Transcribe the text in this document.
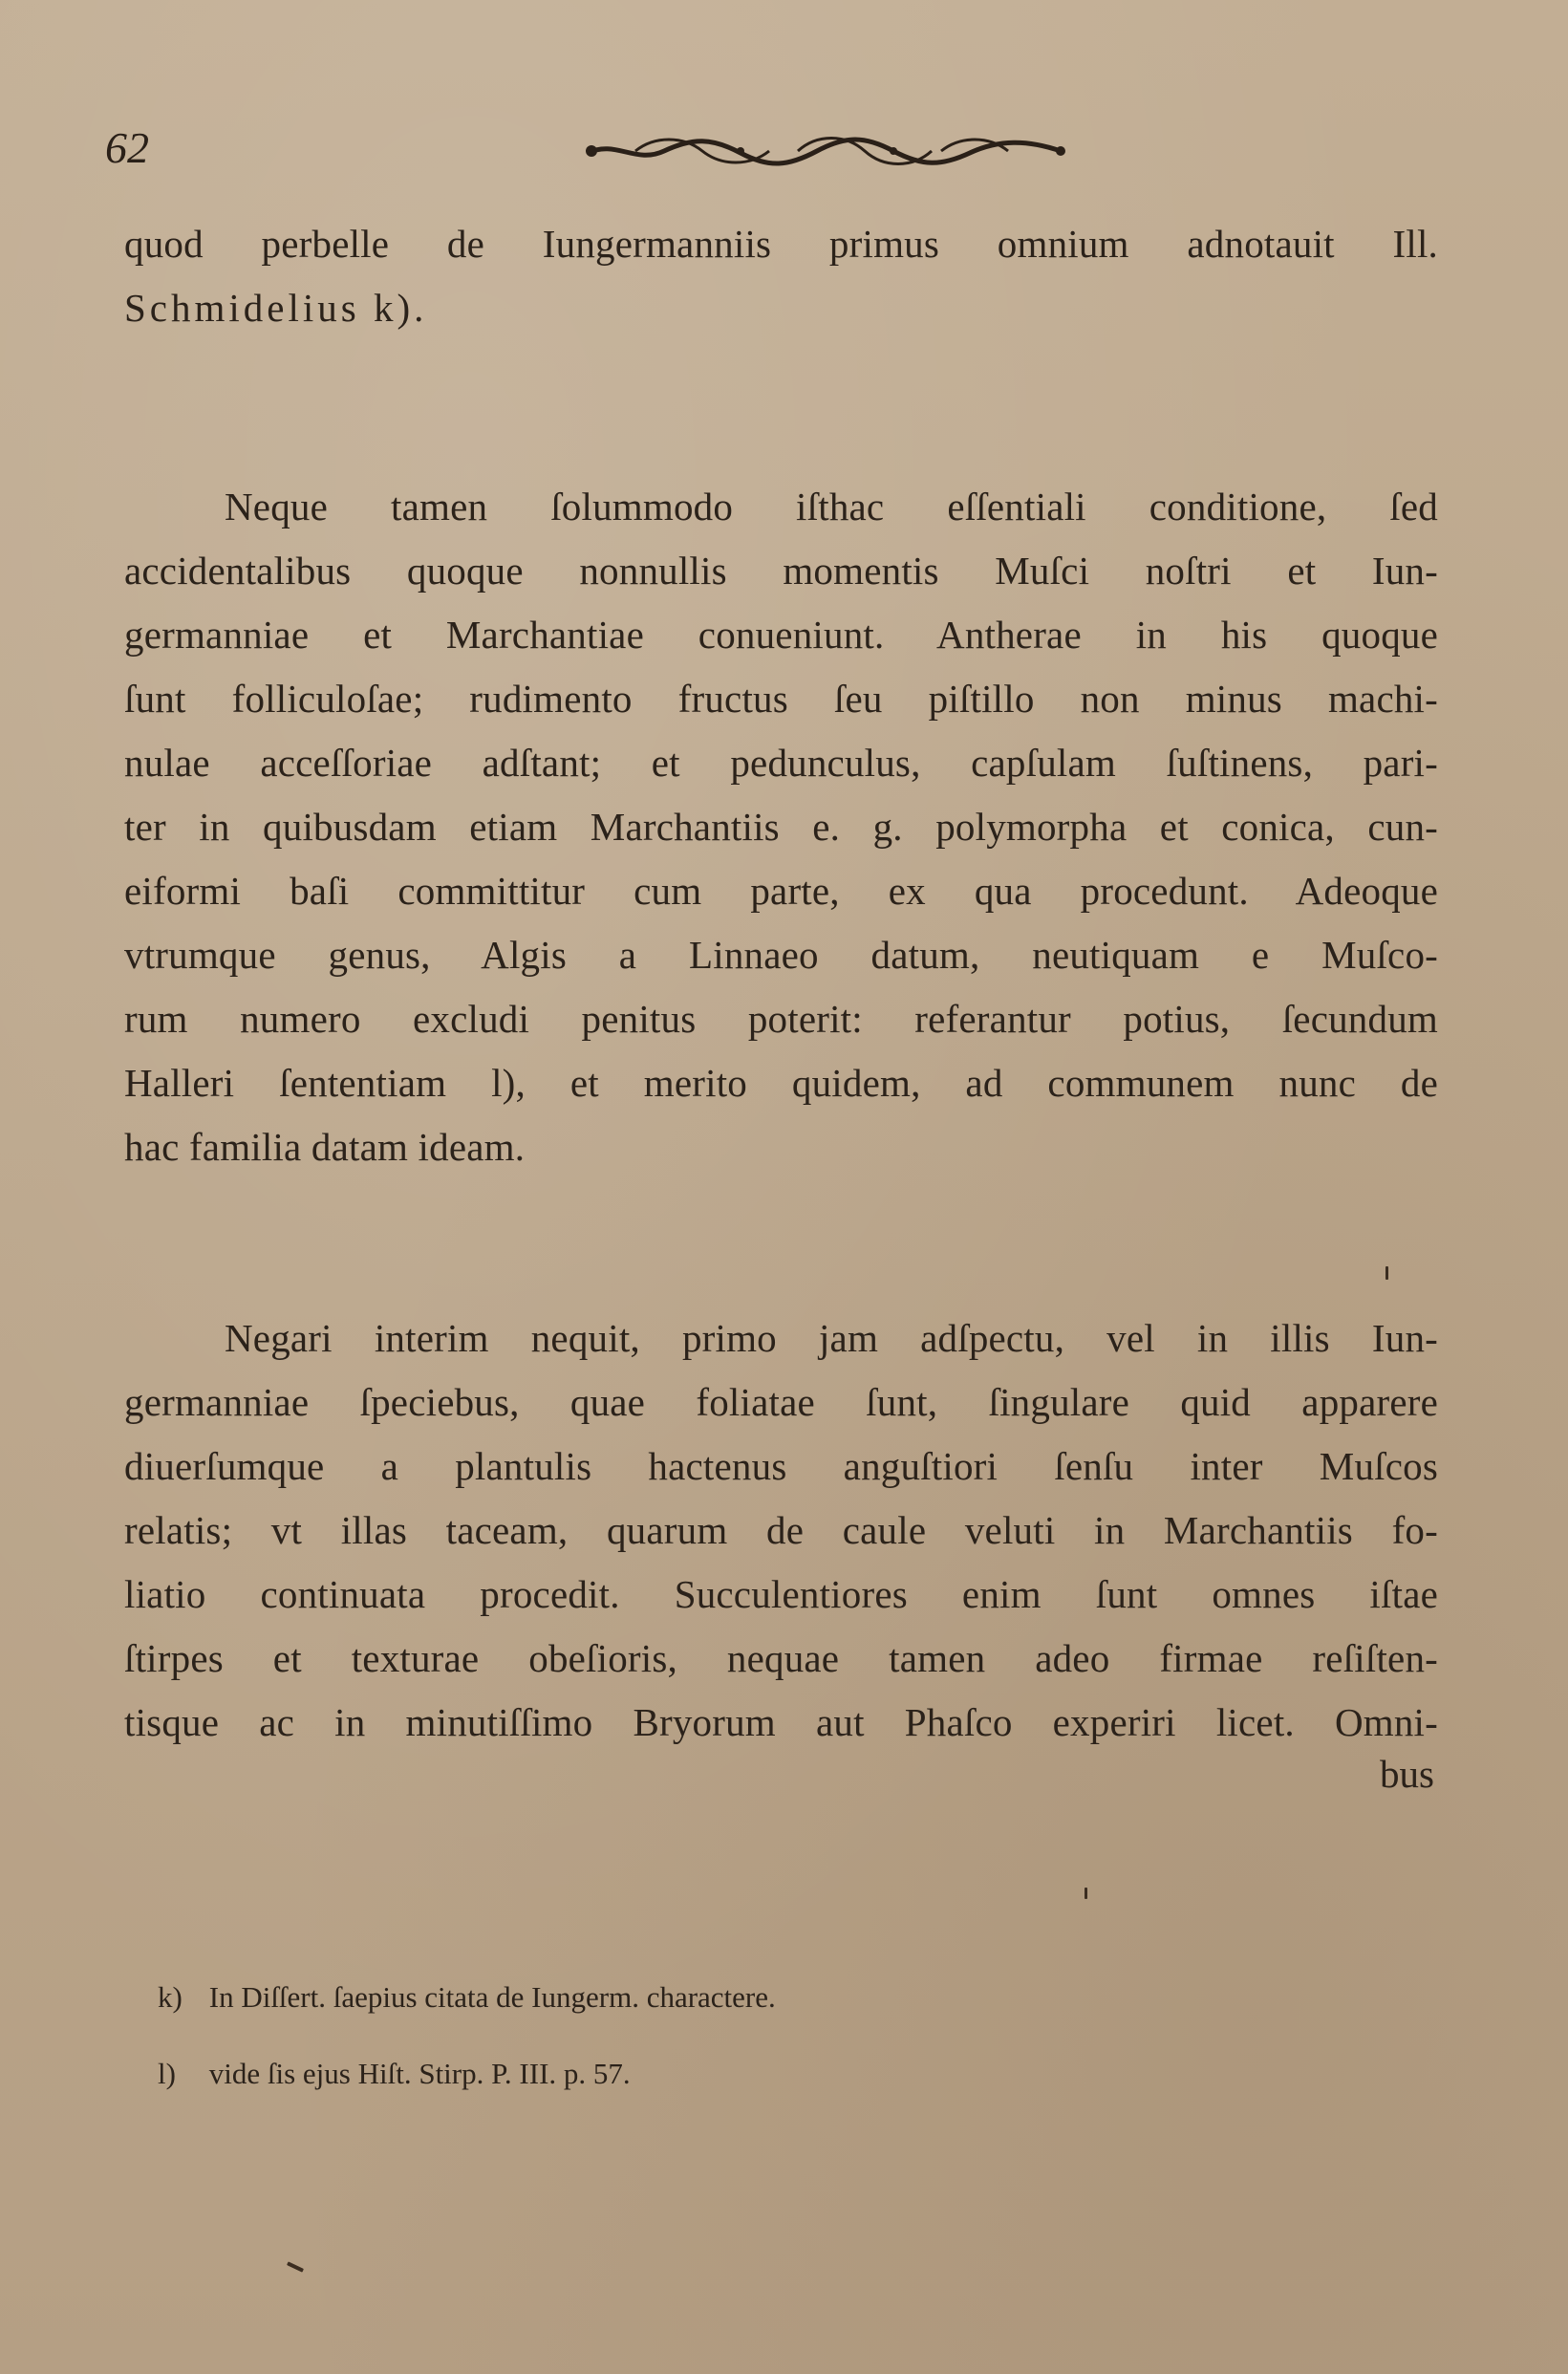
62
quod perbelle de Iungermanniis primus omnium adnotauit Ill.
Schmidelius k).
Neque tamen ſolummodo iſthac eſſentiali conditione, ſed
accidentalibus quoque nonnullis momentis Muſci noſtri et Iun-
germanniae et Marchantiae conueniunt. Antherae in his quoque
ſunt folliculoſae; rudimento fructus ſeu piſtillo non minus machi-
nulae acceſſoriae adſtant; et pedunculus, capſulam ſuſtinens, pari-
ter in quibusdam etiam Marchantiis e. g. polymorpha et conica, cun-
eiformi baſi committitur cum parte, ex qua procedunt. Adeoque
vtrumque genus, Algis a Linnaeo datum, neutiquam e Muſco-
rum numero excludi penitus poterit: referantur potius, ſecundum
Halleri ſententiam l), et merito quidem, ad communem nunc de
hac familia datam ideam.
Negari interim nequit, primo jam adſpectu, vel in illis Iun-
germanniae ſpeciebus, quae foliatae ſunt, ſingulare quid apparere
diuerſumque a plantulis hactenus anguſtiori ſenſu inter Muſcos
relatis; vt illas taceam, quarum de caule veluti in Marchantiis fo-
liatio continuata procedit. Succulentiores enim ſunt omnes iſtae
ſtirpes et texturae obeſioris, nequae tamen adeo firmae reſiſten-
tisque ac in minutiſſimo Bryorum aut Phaſco experiri licet. Omni-
bus
k) In Diſſert. ſaepius citata de Iungerm. charactere.
l) vide ſis ejus Hiſt. Stirp. P. III. p. 57.
